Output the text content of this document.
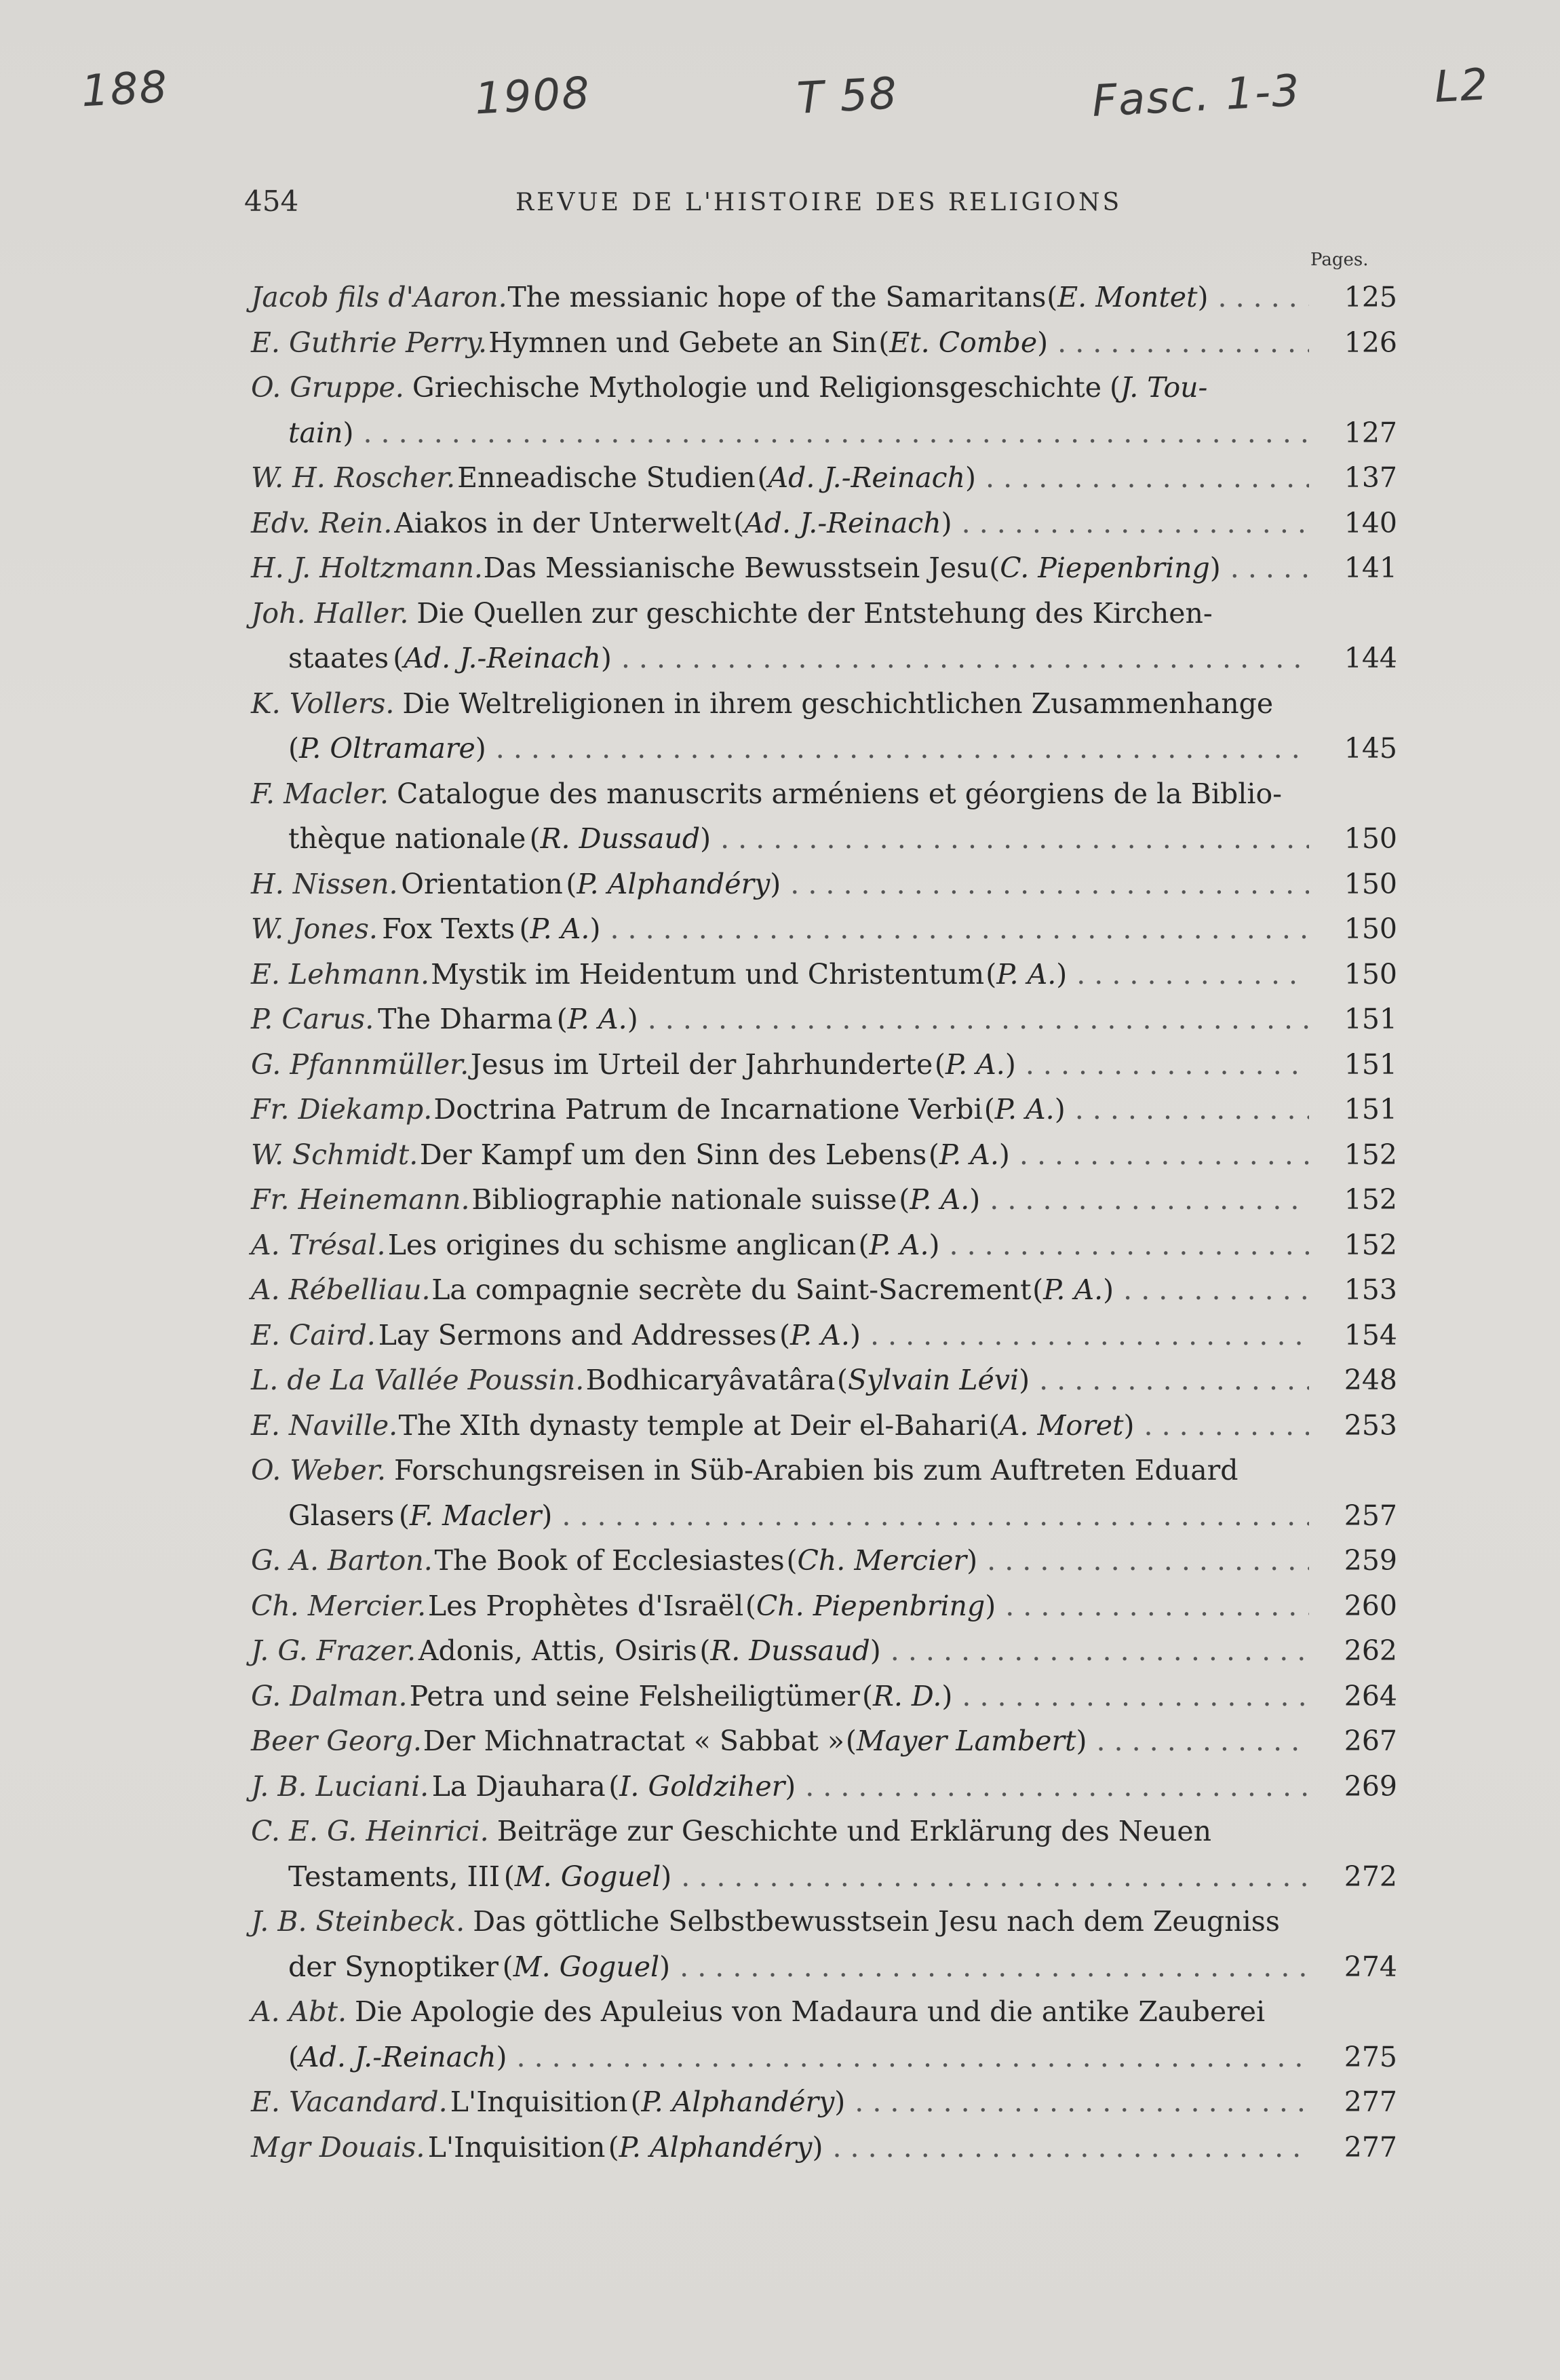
188	1908	T 58	Fasc. 1-3	L2
454	REVUE DE L'HISTOIRE DES RELIGIONS
Pages.
Jacob fils d'Aaron. The messianic hope of the Samaritans ( E. Montet ) . . .	125
E. Guthrie Perry. Hymnen und Gebete an Sin ( Et. Combe ) . . .	126
O. Gruppe. Griechische Mythologie und Religionsgeschichte ( J. Tou-
tain ) . . .	127
W. H. Roscher. Enneadische Studien ( Ad. J.-Reinach ) . . .	137
Edv. Rein. Aiakos in der Unterwelt ( Ad. J.-Reinach ) . . .	140
H. J. Holtzmann. Das Messianische Bewusstsein Jesu ( C. Piepenbring ) . . .	141
Joh. Haller. Die Quellen zur geschichte der Entstehung des Kirchen-
staates ( Ad. J.-Reinach ) . . .	144
K. Vollers. Die Weltreligionen in ihrem geschichtlichen Zusammenhange
( P. Oltramare ) . . .	145
F. Macler. Catalogue des manuscrits arméniens et géorgiens de la Biblio-
thèque nationale ( R. Dussaud ) . . .	150
H. Nissen. Orientation ( P. Alphandéry ) . . .	150
W. Jones. Fox Texts ( P. A. ) . . .	150
E. Lehmann. Mystik im Heidentum und Christentum ( P. A. ) . . .	150
P. Carus. The Dharma ( P. A. ) . . .	151
G. Pfannmüller. Jesus im Urteil der Jahrhunderte ( P. A. ) . . .	151
Fr. Diekamp. Doctrina Patrum de Incarnatione Verbi ( P. A. ) . . .	151
W. Schmidt. Der Kampf um den Sinn des Lebens ( P. A. ) . . .	152
Fr. Heinemann. Bibliographie nationale suisse ( P. A. ) . . .	152
A. Trésal. Les origines du schisme anglican ( P. A. ) . . .	152
A. Rébelliau. La compagnie secrète du Saint-Sacrement ( P. A. ) . . .	153
E. Caird. Lay Sermons and Addresses ( P. A. ) . . .	154
L. de La Vallée Poussin. Bodhicaryâvatâra ( Sylvain Lévi ) . . .	248
E. Naville. The XIth dynasty temple at Deir el-Bahari ( A. Moret ) . . .	253
O. Weber. Forschungsreisen in Süb-Arabien bis zum Auftreten Eduard
Glasers ( F. Macler ) . . .	257
G. A. Barton. The Book of Ecclesiastes ( Ch. Mercier ) . . .	259
Ch. Mercier. Les Prophètes d'Israël ( Ch. Piepenbring ) . . .	260
J. G. Frazer. Adonis, Attis, Osiris ( R. Dussaud ) . . .	262
G. Dalman. Petra und seine Felsheiligtümer ( R. D. ) . . .	264
Beer Georg. Der Michnatractat « Sabbat » ( Mayer Lambert ) . . .	267
J. B. Luciani. La Djauhara ( I. Goldziher ) . . .	269
C. E. G. Heinrici. Beiträge zur Geschichte und Erklärung des Neuen
Testaments, III ( M. Goguel ) . . .	272
J. B. Steinbeck. Das göttliche Selbstbewusstsein Jesu nach dem Zeugniss
der Synoptiker ( M. Goguel ) . . .	274
A. Abt. Die Apologie des Apuleius von Madaura und die antike Zauberei
( Ad. J.-Reinach ) . . .	275
E. Vacandard. L'Inquisition ( P. Alphandéry ) . . .	277
Mgr Douais. L'Inquisition ( P. Alphandéry ) . . .	277
